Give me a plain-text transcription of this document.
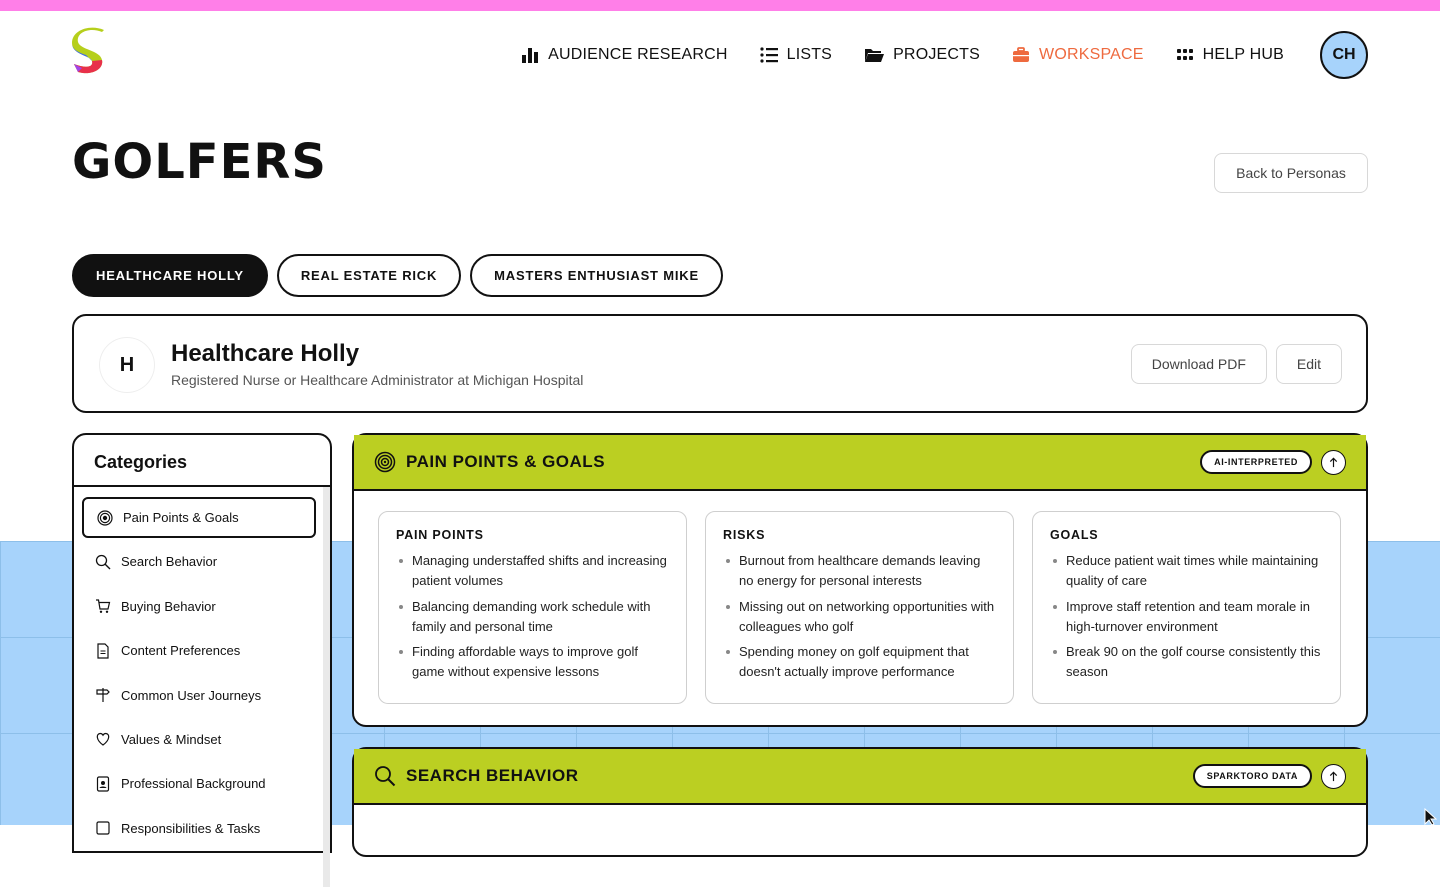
AUDIENCE RESEARCH	LISTS	PROJECTS	WORKSPACE	HELP HUB	CH
GOLFERS	Back to Personas
HEALTHCARE HOLLY	REAL ESTATE RICK	MASTERS ENTHUSIAST MIKE
H	Healthcare Holly
Registered Nurse or Healthcare Administrator at Michigan Hospital
Download PDF	Edit
Categories
Pain Points & Goals
Search Behavior
Buying Behavior
Content Preferences
Common User Journeys
Values & Mindset
Professional Background
Responsibilities & Tasks
PAIN POINTS & GOALS	AI-INTERPRETED
PAIN POINTS
Managing understaffed shifts and increasing patient volumes
Balancing demanding work schedule with family and personal time
Finding affordable ways to improve golf game without expensive lessons
RISKS
Burnout from healthcare demands leaving no energy for personal interests
Missing out on networking opportunities with colleagues who golf
Spending money on golf equipment that doesn't actually improve performance
GOALS
Reduce patient wait times while maintaining quality of care
Improve staff retention and team morale in high-turnover environment
Break 90 on the golf course consistently this season
SEARCH BEHAVIOR	SPARKTORO DATA
